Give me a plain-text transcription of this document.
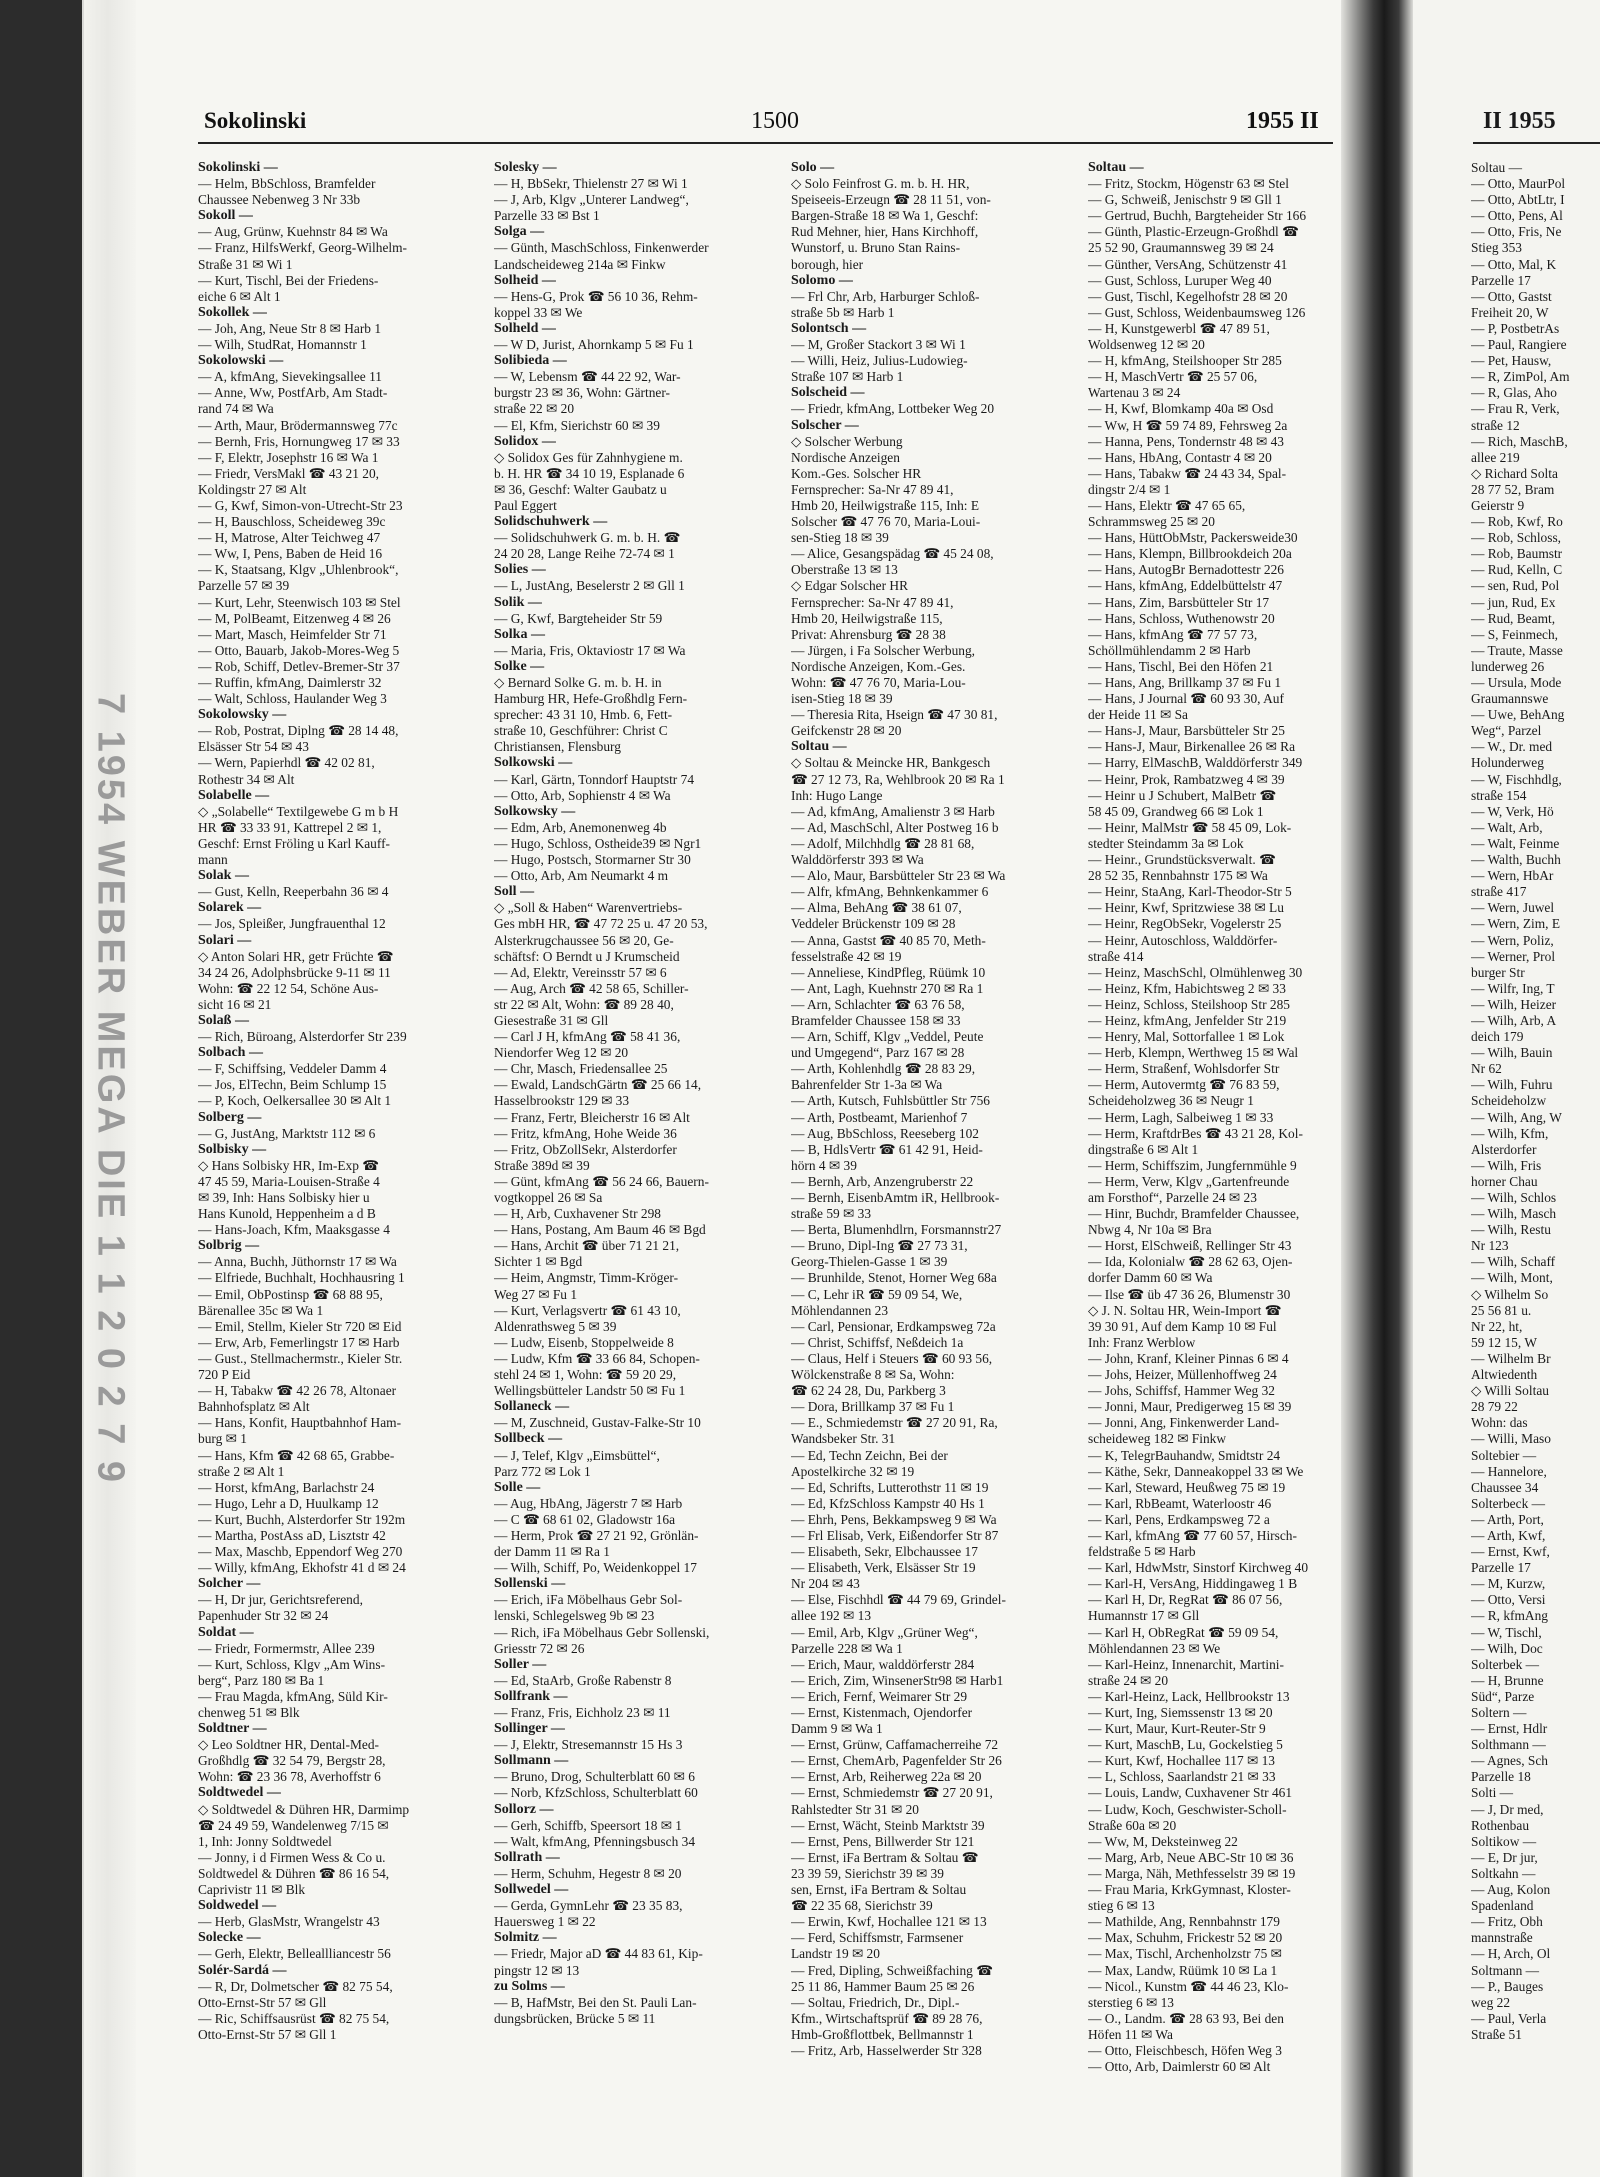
7 1954 WEBER MEGA DIE 1 1 2 0 2 7 9
Sokolinski	1500	1955 II
Sokolinski —
— Helm, BbSchloss, Bramfelder
Chaussee Nebenweg 3 Nr 33b
Sokoll —
— Aug, Grünw, Kuehnstr 84 ✉ Wa
— Franz, HilfsWerkf, Georg-Wilhelm-
Straße 31 ✉ Wi 1
— Kurt, Tischl, Bei der Friedens-
eiche 6 ✉ Alt 1
Sokollek —
— Joh, Ang, Neue Str 8 ✉ Harb 1
— Wilh, StudRat, Homannstr 1
Sokolowski —
— A, kfmAng, Sievekingsallee 11
— Anne, Ww, PostfArb, Am Stadt-
rand 74 ✉ Wa
— Arth, Maur, Brödermannsweg 77c
— Bernh, Fris, Hornungweg 17 ✉ 33
— F, Elektr, Josephstr 16 ✉ Wa 1
— Friedr, VersMakl ☎ 43 21 20,
Koldingstr 27 ✉ Alt
— G, Kwf, Simon-von-Utrecht-Str 23
— H, Bauschloss, Scheideweg 39c
— H, Matrose, Alter Teichweg 47
— Ww, I, Pens, Baben de Heid 16
— K, Staatsang, Klgv „Uhlenbrook“,
Parzelle 57 ✉ 39
— Kurt, Lehr, Steenwisch 103 ✉ Stel
— M, PolBeamt, Eitzenweg 4 ✉ 26
— Mart, Masch, Heimfelder Str 71
— Otto, Bauarb, Jakob-Mores-Weg 5
— Rob, Schiff, Detlev-Bremer-Str 37
— Ruffin, kfmAng, Daimlerstr 32
— Walt, Schloss, Haulander Weg 3
Sokolowsky —
— Rob, Postrat, Diplng ☎ 28 14 48,
Elsässer Str 54 ✉ 43
— Wern, Papierhdl ☎ 42 02 81,
Rothestr 34 ✉ Alt
Solabelle —
◇ „Solabelle“ Textilgewebe G m b H
HR ☎ 33 33 91, Kattrepel 2 ✉ 1,
Geschf: Ernst Fröling u Karl Kauff-
mann
Solak —
— Gust, Kelln, Reeperbahn 36 ✉ 4
Solarek —
— Jos, Spleißer, Jungfrauenthal 12
Solari —
◇ Anton Solari HR, getr Früchte ☎
34 24 26, Adolphsbrücke 9-11 ✉ 11
Wohn: ☎ 22 12 54, Schöne Aus-
sicht 16 ✉ 21
Solaß —
— Rich, Büroang, Alsterdorfer Str 239
Solbach —
— F, Schiffsing, Veddeler Damm 4
— Jos, ElTechn, Beim Schlump 15
— P, Koch, Oelkersallee 30 ✉ Alt 1
Solberg —
— G, JustAng, Marktstr 112 ✉ 6
Solbisky —
◇ Hans Solbisky HR, Im-Exp ☎
47 45 59, Maria-Louisen-Straße 4
✉ 39, Inh: Hans Solbisky hier u
Hans Kunold, Heppenheim a d B
— Hans-Joach, Kfm, Maaksgasse 4
Solbrig —
— Anna, Buchh, Jüthornstr 17 ✉ Wa
— Elfriede, Buchhalt, Hochhausring 1
— Emil, ObPostinsp ☎ 68 88 95,
Bärenallee 35c ✉ Wa 1
— Emil, Stellm, Kieler Str 720 ✉ Eid
— Erw, Arb, Femerlingstr 17 ✉ Harb
— Gust., Stellmachermstr., Kieler Str.
720 P Eid
— H, Tabakw ☎ 42 26 78, Altonaer
Bahnhofsplatz ✉ Alt
— Hans, Konfit, Hauptbahnhof Ham-
burg ✉ 1
— Hans, Kfm ☎ 42 68 65, Grabbe-
straße 2 ✉ Alt 1
— Horst, kfmAng, Barlachstr 24
— Hugo, Lehr a D, Huulkamp 12
— Kurt, Buchh, Alsterdorfer Str 192m
— Martha, PostAss aD, Lisztstr 42
— Max, Maschb, Eppendorf Weg 270
— Willy, kfmAng, Ekhofstr 41 d ✉ 24
Solcher —
— H, Dr jur, Gerichtsreferend,
Papenhuder Str 32 ✉ 24
Soldat —
— Friedr, Formermstr, Allee 239
— Kurt, Schloss, Klgv „Am Wins-
berg“, Parz 180 ✉ Ba 1
— Frau Magda, kfmAng, Süld Kir-
chenweg 51 ✉ Blk
Soldtner —
◇ Leo Soldtner HR, Dental-Med-
Großhdlg ☎ 32 54 79, Bergstr 28,
Wohn: ☎ 23 36 78, Averhoffstr 6
Soldtwedel —
◇ Soldtwedel & Dühren HR, Darmimp
☎ 24 49 59, Wandelenweg 7/15 ✉
1, Inh: Jonny Soldtwedel
— Jonny, i d Firmen Wess & Co u.
Soldtwedel & Dühren ☎ 86 16 54,
Caprivistr 11 ✉ Blk
Soldwedel —
— Herb, GlasMstr, Wrangelstr 43
Solecke —
— Gerh, Elektr, Belleallliancestr 56
Solér-Sardá —
— R, Dr, Dolmetscher ☎ 82 75 54,
Otto-Ernst-Str 57 ✉ Gll
— Ric, Schiffsausrüst ☎ 82 75 54,
Otto-Ernst-Str 57 ✉ Gll 1
Solesky —
— H, BbSekr, Thielenstr 27 ✉ Wi 1
— J, Arb, Klgv „Unterer Landweg“,
Parzelle 33 ✉ Bst 1
Solga —
— Günth, MaschSchloss, Finkenwerder
Landscheideweg 214a ✉ Finkw
Solheid —
— Hens-G, Prok ☎ 56 10 36, Rehm-
koppel 33 ✉ We
Solheld —
— W D, Jurist, Ahornkamp 5 ✉ Fu 1
Solibieda —
— W, Lebensm ☎ 44 22 92, War-
burgstr 23 ✉ 36, Wohn: Gärtner-
straße 22 ✉ 20
— El, Kfm, Sierichstr 60 ✉ 39
Solidox —
◇ Solidox Ges für Zahnhygiene m.
b. H. HR ☎ 34 10 19, Esplanade 6
✉ 36, Geschf: Walter Gaubatz u
Paul Eggert
Solidschuhwerk —
— Solidschuhwerk G. m. b. H. ☎
24 20 28, Lange Reihe 72-74 ✉ 1
Solies —
— L, JustAng, Beselerstr 2 ✉ Gll 1
Solik —
— G, Kwf, Bargteheider Str 59
Solka —
— Maria, Fris, Oktaviostr 17 ✉ Wa
Solke —
◇ Bernard Solke G. m. b. H. in
Hamburg HR, Hefe-Großhdlg Fern-
sprecher: 43 31 10, Hmb. 6, Fett-
straße 10, Geschführer: Christ C
Christiansen, Flensburg
Solkowski —
— Karl, Gärtn, Tonndorf Hauptstr 74
— Otto, Arb, Sophienstr 4 ✉ Wa
Solkowsky —
— Edm, Arb, Anemonenweg 4b
— Hugo, Schloss, Ostheide39 ✉ Ngr1
— Hugo, Postsch, Stormarner Str 30
— Otto, Arb, Am Neumarkt 4 m
Soll —
◇ „Soll & Haben“ Warenvertriebs-
Ges mbH HR, ☎ 47 72 25 u. 47 20 53,
Alsterkrugchaussee 56 ✉ 20, Ge-
schäftsf: O Berndt u J Krumscheid
— Ad, Elektr, Vereinsstr 57 ✉ 6
— Aug, Arch ☎ 42 58 65, Schiller-
str 22 ✉ Alt, Wohn: ☎ 89 28 40,
Giesestraße 31 ✉ Gll
— Carl J H, kfmAng ☎ 58 41 36,
Niendorfer Weg 12 ✉ 20
— Chr, Masch, Friedensallee 25
— Ewald, LandschGärtn ☎ 25 66 14,
Hasselbrookstr 129 ✉ 33
— Franz, Fertr, Bleicherstr 16 ✉ Alt
— Fritz, kfmAng, Hohe Weide 36
— Fritz, ObZollSekr, Alsterdorfer
Straße 389d ✉ 39
— Günt, kfmAng ☎ 56 24 66, Bauern-
vogtkoppel 26 ✉ Sa
— H, Arb, Cuxhavener Str 298
— Hans, Postang, Am Baum 46 ✉ Bgd
— Hans, Archit ☎ über 71 21 21,
Sichter 1 ✉ Bgd
— Heim, Angmstr, Timm-Kröger-
Weg 27 ✉ Fu 1
— Kurt, Verlagsvertr ☎ 61 43 10,
Aldenrathsweg 5 ✉ 39
— Ludw, Eisenb, Stoppelweide 8
— Ludw, Kfm ☎ 33 66 84, Schopen-
stehl 24 ✉ 1, Wohn: ☎ 59 20 29,
Wellingsbütteler Landstr 50 ✉ Fu 1
Sollaneck —
— M, Zuschneid, Gustav-Falke-Str 10
Sollbeck —
— J, Telef, Klgv „Eimsbüttel“,
Parz 772 ✉ Lok 1
Solle —
— Aug, HbAng, Jägerstr 7 ✉ Harb
— C ☎ 68 61 02, Gladowstr 16a
— Herm, Prok ☎ 27 21 92, Grönlän-
der Damm 11 ✉ Ra 1
— Wilh, Schiff, Po, Weidenkoppel 17
Sollenski —
— Erich, iFa Möbelhaus Gebr Sol-
lenski, Schlegelsweg 9b ✉ 23
— Rich, iFa Möbelhaus Gebr Sollenski,
Griesstr 72 ✉ 26
Soller —
— Ed, StaArb, Große Rabenstr 8
Sollfrank —
— Franz, Fris, Eichholz 23 ✉ 11
Sollinger —
— J, Elektr, Stresemannstr 15 Hs 3
Sollmann —
— Bruno, Drog, Schulterblatt 60 ✉ 6
— Norb, KfzSchloss, Schulterblatt 60
Sollorz —
— Gerh, Schiffb, Speersort 18 ✉ 1
— Walt, kfmAng, Pfenningsbusch 34
Sollrath —
— Herm, Schuhm, Hegestr 8 ✉ 20
Sollwedel —
— Gerda, GymnLehr ☎ 23 35 83,
Hauersweg 1 ✉ 22
Solmitz —
— Friedr, Major aD ☎ 44 83 61, Kip-
pingstr 12 ✉ 13
zu Solms —
— B, HafMstr, Bei den St. Pauli Lan-
dungsbrücken, Brücke 5 ✉ 11
Solo —
◇ Solo Feinfrost G. m. b. H. HR,
Speiseeis-Erzeugn ☎ 28 11 51, von-
Bargen-Straße 18 ✉ Wa 1, Geschf:
Rud Mehner, hier, Hans Kirchhoff,
Wunstorf, u. Bruno Stan Rains-
borough, hier
Solomo —
— Frl Chr, Arb, Harburger Schloß-
straße 5b ✉ Harb 1
Solontsch —
— M, Großer Stackort 3 ✉ Wi 1
— Willi, Heiz, Julius-Ludowieg-
Straße 107 ✉ Harb 1
Solscheid —
— Friedr, kfmAng, Lottbeker Weg 20
Solscher —
◇ Solscher Werbung
Nordische Anzeigen
Kom.-Ges. Solscher HR
Fernsprecher: Sa-Nr 47 89 41,
Hmb 20, Heilwigstraße 115, Inh: E
Solscher ☎ 47 76 70, Maria-Loui-
sen-Stieg 18 ✉ 39
— Alice, Gesangspädag ☎ 45 24 08,
Oberstraße 13 ✉ 13
◇ Edgar Solscher HR
Fernsprecher: Sa-Nr 47 89 41,
Hmb 20, Heilwigstraße 115,
Privat: Ahrensburg ☎ 28 38
— Jürgen, i Fa Solscher Werbung,
Nordische Anzeigen, Kom.-Ges.
Wohn: ☎ 47 76 70, Maria-Lou-
isen-Stieg 18 ✉ 39
— Theresia Rita, Hseign ☎ 47 30 81,
Geifckenstr 28 ✉ 20
Soltau —
◇ Soltau & Meincke HR, Bankgesch
☎ 27 12 73, Ra, Wehlbrook 20 ✉ Ra 1
Inh: Hugo Lange
— Ad, kfmAng, Amalienstr 3 ✉ Harb
— Ad, MaschSchl, Alter Postweg 16 b
— Adolf, Milchhdlg ☎ 28 81 68,
Walddörferstr 393 ✉ Wa
— Alo, Maur, Barsbütteler Str 23 ✉ Wa
— Alfr, kfmAng, Behnkenkammer 6
— Alma, BehAng ☎ 38 61 07,
Veddeler Brückenstr 109 ✉ 28
— Anna, Gastst ☎ 40 85 70, Meth-
fesselstraße 42 ✉ 19
— Anneliese, KindPfleg, Rüümk 10
— Ant, Lagh, Kuehnstr 270 ✉ Ra 1
— Arn, Schlachter ☎ 63 76 58,
Bramfelder Chaussee 158 ✉ 33
— Arn, Schiff, Klgv „Veddel, Peute
und Umgegend“, Parz 167 ✉ 28
— Arth, Kohlenhdlg ☎ 28 83 29,
Bahrenfelder Str 1-3a ✉ Wa
— Arth, Kutsch, Fuhlsbüttler Str 756
— Arth, Postbeamt, Marienhof 7
— Aug, BbSchloss, Reeseberg 102
— B, HdlsVertr ☎ 61 42 91, Heid-
hörn 4 ✉ 39
— Bernh, Arb, Anzengruberstr 22
— Bernh, EisenbAmtm iR, Hellbrook-
straße 59 ✉ 33
— Berta, Blumenhdlrn, Forsmannstr27
— Bruno, Dipl-Ing ☎ 27 73 31,
Georg-Thielen-Gasse 1 ✉ 39
— Brunhilde, Stenot, Horner Weg 68a
— C, Lehr iR ☎ 59 09 54, We,
Möhlendannen 23
— Carl, Pensionar, Erdkampsweg 72a
— Christ, Schiffsf, Neßdeich 1a
— Claus, Helf i Steuers ☎ 60 93 56,
Wölckenstraße 8 ✉ Sa, Wohn:
☎ 62 24 28, Du, Parkberg 3
— Dora, Brillkamp 37 ✉ Fu 1
— E., Schmiedemstr ☎ 27 20 91, Ra,
Wandsbeker Str. 31
— Ed, Techn Zeichn, Bei der
Apostelkirche 32 ✉ 19
— Ed, Schrifts, Lutterothstr 11 ✉ 19
— Ed, KfzSchloss Kampstr 40 Hs 1
— Ehrh, Pens, Bekkampsweg 9 ✉ Wa
— Frl Elisab, Verk, Eißendorfer Str 87
— Elisabeth, Sekr, Elbchaussee 17
— Elisabeth, Verk, Elsässer Str 19
Nr 204 ✉ 43
— Else, Fischhdl ☎ 44 79 69, Grindel-
allee 192 ✉ 13
— Emil, Arb, Klgv „Grüner Weg“,
Parzelle 228 ✉ Wa 1
— Erich, Maur, walddörferstr 284
— Erich, Zim, WinsenerStr98 ✉ Harb1
— Erich, Fernf, Weimarer Str 29
— Ernst, Kistenmach, Ojendorfer
Damm 9 ✉ Wa 1
— Ernst, Grünw, Caffamacherreihe 72
— Ernst, ChemArb, Pagenfelder Str 26
— Ernst, Arb, Reiherweg 22a ✉ 20
— Ernst, Schmiedemstr ☎ 27 20 91,
Rahlstedter Str 31 ✉ 20
— Ernst, Wächt, Steinb Marktstr 39
— Ernst, Pens, Billwerder Str 121
— Ernst, iFa Bertram & Soltau ☎
23 39 59, Sierichstr 39 ✉ 39
sen, Ernst, iFa Bertram & Soltau
☎ 22 35 68, Sierichstr 39
— Erwin, Kwf, Hochallee 121 ✉ 13
— Ferd, Schiffsmstr, Farmsener
Landstr 19 ✉ 20
— Fred, Dipling, Schweißfaching ☎
25 11 86, Hammer Baum 25 ✉ 26
— Soltau, Friedrich, Dr., Dipl.-
Kfm., Wirtschaftsprüf ☎ 89 28 76,
Hmb-Großflottbek, Bellmannstr 1
— Fritz, Arb, Hasselwerder Str 328
Soltau —
— Fritz, Stockm, Högenstr 63 ✉ Stel
— G, Schweiß, Jenischstr 9 ✉ Gll 1
— Gertrud, Buchh, Bargteheider Str 166
— Günth, Plastic-Erzeugn-Großhdl ☎
25 52 90, Graumannsweg 39 ✉ 24
— Günther, VersAng, Schützenstr 41
— Gust, Schloss, Luruper Weg 40
— Gust, Tischl, Kegelhofstr 28 ✉ 20
— Gust, Schloss, Weidenbaumsweg 126
— H, Kunstgewerbl ☎ 47 89 51,
Woldsenweg 12 ✉ 20
— H, kfmAng, Steilshooper Str 285
— H, MaschVertr ☎ 25 57 06,
Wartenau 3 ✉ 24
— H, Kwf, Blomkamp 40a ✉ Osd
— Ww, H ☎ 59 74 89, Fehrsweg 2a
— Hanna, Pens, Tondernstr 48 ✉ 43
— Hans, HbAng, Contastr 4 ✉ 20
— Hans, Tabakw ☎ 24 43 34, Spal-
dingstr 2/4 ✉ 1
— Hans, Elektr ☎ 47 65 65,
Schrammsweg 25 ✉ 20
— Hans, HüttObMstr, Packersweide30
— Hans, Klempn, Billbrookdeich 20a
— Hans, AutogBr Bernadottestr 226
— Hans, kfmAng, Eddelbüttelstr 47
— Hans, Zim, Barsbütteler Str 17
— Hans, Schloss, Wuthenowstr 20
— Hans, kfmAng ☎ 77 57 73,
Schöllmühlendamm 2 ✉ Harb
— Hans, Tischl, Bei den Höfen 21
— Hans, Ang, Brillkamp 37 ✉ Fu 1
— Hans, J Journal ☎ 60 93 30, Auf
der Heide 11 ✉ Sa
— Hans-J, Maur, Barsbütteler Str 25
— Hans-J, Maur, Birkenallee 26 ✉ Ra
— Harry, ElMaschB, Walddörferstr 349
— Heinr, Prok, Rambatzweg 4 ✉ 39
— Heinr u J Schubert, MalBetr ☎
58 45 09, Grandweg 66 ✉ Lok 1
— Heinr, MalMstr ☎ 58 45 09, Lok-
stedter Steindamm 3a ✉ Lok
— Heinr., Grundstücksverwalt. ☎
28 52 35, Rennbahnstr 175 ✉ Wa
— Heinr, StaAng, Karl-Theodor-Str 5
— Heinr, Kwf, Spritzwiese 38 ✉ Lu
— Heinr, RegObSekr, Vogelerstr 25
— Heinr, Autoschloss, Walddörfer-
straße 414
— Heinz, MaschSchl, Olmühlenweg 30
— Heinz, Kfm, Habichtsweg 2 ✉ 33
— Heinz, Schloss, Steilshoop Str 285
— Heinz, kfmAng, Jenfelder Str 219
— Henry, Mal, Sottorfallee 1 ✉ Lok
— Herb, Klempn, Werthweg 15 ✉ Wal
— Herm, Straßenf, Wohlsdorfer Str
— Herm, Autovermtg ☎ 76 83 59,
Scheideholzweg 36 ✉ Neugr 1
— Herm, Lagh, Salbeiweg 1 ✉ 33
— Herm, KraftdrBes ☎ 43 21 28, Kol-
dingstraße 6 ✉ Alt 1
— Herm, Schiffszim, Jungfernmühle 9
— Herm, Verw, Klgv „Gartenfreunde
am Forsthof“, Parzelle 24 ✉ 23
— Hinr, Buchdr, Bramfelder Chaussee,
Nbwg 4, Nr 10a ✉ Bra
— Horst, ElSchweiß, Rellinger Str 43
— Ida, Kolonialw ☎ 28 62 63, Ojen-
dorfer Damm 60 ✉ Wa
— Ilse ☎ üb 47 36 26, Blumenstr 30
◇ J. N. Soltau HR, Wein-Import ☎
39 30 91, Auf dem Kamp 10 ✉ Ful
Inh: Franz Werblow
— John, Kranf, Kleiner Pinnas 6 ✉ 4
— Johs, Heizer, Müllenhoffweg 24
— Johs, Schiffsf, Hammer Weg 32
— Jonni, Maur, Predigerweg 15 ✉ 39
— Jonni, Ang, Finkenwerder Land-
scheideweg 182 ✉ Finkw
— K, TelegrBauhandw, Smidtstr 24
— Käthe, Sekr, Danneakoppel 33 ✉ We
— Karl, Steward, Heußweg 75 ✉ 19
— Karl, RbBeamt, Waterloostr 46
— Karl, Pens, Erdkampsweg 72 a
— Karl, kfmAng ☎ 77 60 57, Hirsch-
feldstraße 5 ✉ Harb
— Karl, HdwMstr, Sinstorf Kirchweg 40
— Karl-H, VersAng, Hiddingaweg 1 B
— Karl H, Dr, RegRat ☎ 86 07 56,
Humannstr 17 ✉ Gll
— Karl H, ObRegRat ☎ 59 09 54,
Möhlendannen 23 ✉ We
— Karl-Heinz, Innenarchit, Martini-
straße 24 ✉ 20
— Karl-Heinz, Lack, Hellbrookstr 13
— Kurt, Ing, Siemssenstr 13 ✉ 20
— Kurt, Maur, Kurt-Reuter-Str 9
— Kurt, MaschB, Lu, Gockelstieg 5
— Kurt, Kwf, Hochallee 117 ✉ 13
— L, Schloss, Saarlandstr 21 ✉ 33
— Louis, Landw, Cuxhavener Str 461
— Ludw, Koch, Geschwister-Scholl-
Straße 60a ✉ 20
— Ww, M, Deksteinweg 22
— Marg, Arb, Neue ABC-Str 10 ✉ 36
— Marga, Näh, Methfesselstr 39 ✉ 19
— Frau Maria, KrkGymnast, Kloster-
stieg 6 ✉ 13
— Mathilde, Ang, Rennbahnstr 179
— Max, Schuhm, Frickestr 52 ✉ 20
— Max, Tischl, Archenholzstr 75 ✉
— Max, Landw, Rüümk 10 ✉ La 1
— Nicol., Kunstm ☎ 44 46 23, Klo-
sterstieg 6 ✉ 13
— O., Landm. ☎ 28 63 93, Bei den
Höfen 11 ✉ Wa
— Otto, Fleischbesch, Höfen Weg 3
— Otto, Arb, Daimlerstr 60 ✉ Alt
II 1955
Soltau —
— Otto, MaurPol
— Otto, AbtLtr, I
— Otto, Pens, Al
— Otto, Fris, Ne
Stieg 353
— Otto, Mal, K
Parzelle 17
— Otto, Gastst
Freiheit 20, W
— P, PostbetrAs
— Paul, Rangiere
— Pet, Hausw,
— R, ZimPol, Am
— R, Glas, Aho
— Frau R, Verk,
straße 12
— Rich, MaschB,
allee 219
◇ Richard Solta
28 77 52, Bram
Geierstr 9
— Rob, Kwf, Ro
— Rob, Schloss,
— Rob, Baumstr
— Rud, Kelln, C
— sen, Rud, Pol
— jun, Rud, Ex
— Rud, Beamt,
— S, Feinmech,
— Traute, Masse
lunderweg 26
— Ursula, Mode
Graumannswe
— Uwe, BehAng
Weg“, Parzel
— W., Dr. med
Holunderweg
— W, Fischhdlg,
straße 154
— W, Verk, Hö
— Walt, Arb,
— Walt, Feinme
— Walth, Buchh
— Wern, HbAr
straße 417
— Wern, Juwel
— Wern, Zim, E
— Wern, Poliz,
— Werner, Prol
burger Str
— Wilfr, Ing, T
— Wilh, Heizer
— Wilh, Arb, A
deich 179
— Wilh, Bauin
Nr 62
— Wilh, Fuhru
Scheideholzw
— Wilh, Ang, W
— Wilh, Kfm,
Alsterdorfer
— Wilh, Fris
horner Chau
— Wilh, Schlos
— Wilh, Masch
— Wilh, Restu
Nr 123
— Wilh, Schaff
— Wilh, Mont,
◇ Wilhelm So
25 56 81 u.
Nr 22, ht,
59 12 15, W
— Wilhelm Br
Altwiedenth
◇ Willi Soltau
28 79 22
Wohn: das
— Willi, Maso
Soltebier —
— Hannelore,
Chaussee 34
Solterbeck —
— Arth, Port,
— Arth, Kwf,
— Ernst, Kwf,
Parzelle 17
— M, Kurzw,
— Otto, Versi
— R, kfmAng
— W, Tischl,
— Wilh, Doc
Solterbek —
— H, Brunne
Süd“, Parze
Soltern —
— Ernst, Hdlr
Solthmann —
— Agnes, Sch
Parzelle 18
Solti —
— J, Dr med,
Rothenbau
Soltikow —
— E, Dr jur,
Soltkahn —
— Aug, Kolon
Spadenland
— Fritz, Obh
mannstraße
— H, Arch, Ol
Soltmann —
— P., Bauges
weg 22
— Paul, Verla
Straße 51
